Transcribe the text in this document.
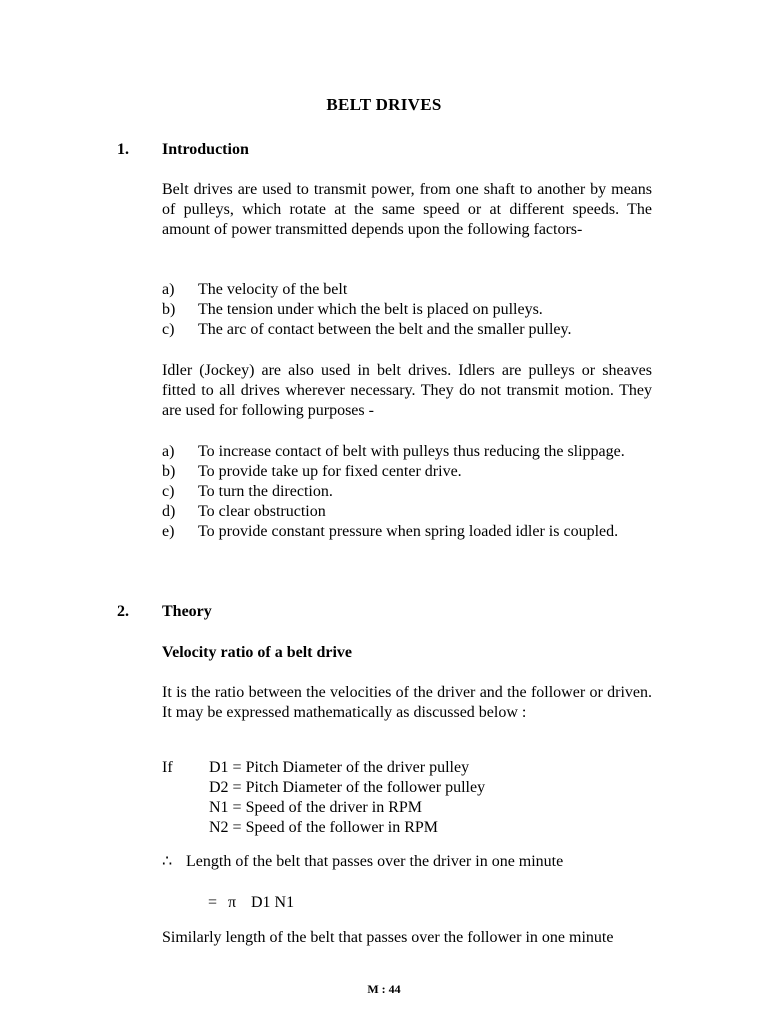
BELT DRIVES
1. Introduction
Belt drives are used to transmit power, from one shaft to another by means of pulleys, which rotate at the same speed or at different speeds. The amount of power transmitted depends upon the following factors-
a)	The velocity of the belt
b)	The tension under which the belt is placed on pulleys.
c)	The arc of contact between the belt and the smaller pulley.
Idler (Jockey) are also used in belt drives. Idlers are pulleys or sheaves fitted to all drives wherever necessary. They do not transmit motion. They are used for following purposes -
a)	To increase contact of belt with pulleys thus reducing the slippage.
b)	To provide take up for fixed center drive.
c)	To turn the direction.
d)	To clear obstruction
e)	To provide constant pressure when spring loaded idler is coupled.
2. Theory
Velocity ratio of a belt drive
It is the ratio between the velocities of the driver and the follower or driven. It may be expressed mathematically as discussed below :
If	D1 = Pitch Diameter of the driver pulley
D2 = Pitch Diameter of the follower pulley
N1 = Speed of the driver in RPM
N2 = Speed of the follower in RPM
∴ Length of the belt that passes over the driver in one minute
= π D1 N1
Similarly length of the belt that passes over the follower in one minute
M : 44
